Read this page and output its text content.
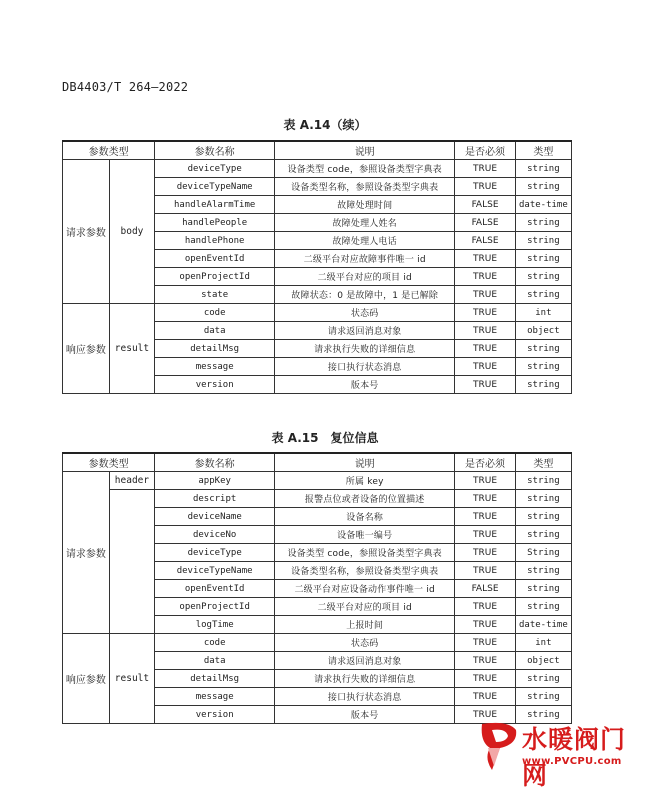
DB4403/T 264—2022
表 A.14（续）
参数类型		参数名称	说明	是否必须	类型
请求参数	body	deviceType	设备类型 code，参照设备类型字典表	TRUE	string
		deviceTypeName	设备类型名称，参照设备类型字典表	TRUE	string
		handleAlarmTime	故障处理时间	FALSE	date-time
		handlePeople	故障处理人姓名	FALSE	string
		handlePhone	故障处理人电话	FALSE	string
		openEventId	二级平台对应故障事件唯一 id	TRUE	string
		openProjectId	二级平台对应的项目 id	TRUE	string
		state	故障状态：0 是故障中，1 是已解除	TRUE	string
响应参数	result	code	状态码	TRUE	int
		data	请求返回消息对象	TRUE	object
		detailMsg	请求执行失败的详细信息	TRUE	string
		message	接口执行状态消息	TRUE	string
		version	版本号	TRUE	string
表 A.15　复位信息
参数类型		参数名称	说明	是否必须	类型
请求参数	header	appKey	所属 key	TRUE	string
		descript	报警点位或者设备的位置描述	TRUE	string
		deviceName	设备名称	TRUE	string
		deviceNo	设备唯一编号	TRUE	string
		deviceType	设备类型 code，参照设备类型字典表	TRUE	String
		deviceTypeName	设备类型名称，参照设备类型字典表	TRUE	string
		openEventId	二级平台对应设备动作事件唯一 id	FALSE	string
		openProjectId	二级平台对应的项目 id	TRUE	string
		logTime	上报时间	TRUE	date-time
响应参数	result	code	状态码	TRUE	int
		data	请求返回消息对象	TRUE	object
		detailMsg	请求执行失败的详细信息	TRUE	string
		message	接口执行状态消息	TRUE	string
		version	版本号	TRUE	string
水暖阀门网
www.PVCPU.com
